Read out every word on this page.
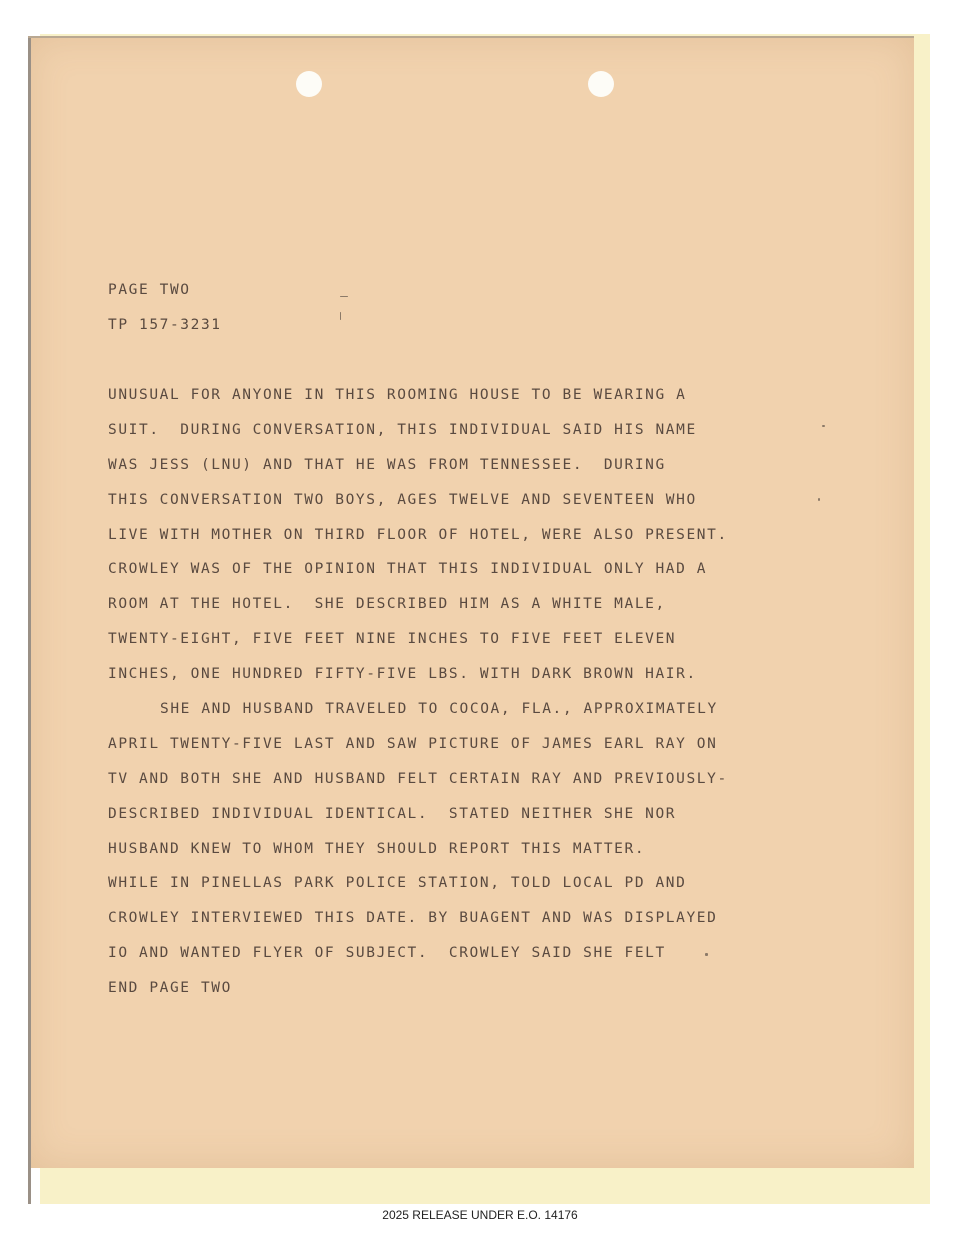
PAGE TWO

TP 157-3231

UNUSUAL FOR ANYONE IN THIS ROOMING HOUSE TO BE WEARING A
SUIT.  DURING CONVERSATION, THIS INDIVIDUAL SAID HIS NAME
WAS JESS (LNU) AND THAT HE WAS FROM TENNESSEE.  DURING
THIS CONVERSATION TWO BOYS, AGES TWELVE AND SEVENTEEN WHO
LIVE WITH MOTHER ON THIRD FLOOR OF HOTEL, WERE ALSO PRESENT.
CROWLEY WAS OF THE OPINION THAT THIS INDIVIDUAL ONLY HAD A
ROOM AT THE HOTEL.  SHE DESCRIBED HIM AS A WHITE MALE,
TWENTY-EIGHT, FIVE FEET NINE INCHES TO FIVE FEET ELEVEN
INCHES, ONE HUNDRED FIFTY-FIVE LBS. WITH DARK BROWN HAIR.
SHE AND HUSBAND TRAVELED TO COCOA, FLA., APPROXIMATELY
APRIL TWENTY-FIVE LAST AND SAW PICTURE OF JAMES EARL RAY ON
TV AND BOTH SHE AND HUSBAND FELT CERTAIN RAY AND PREVIOUSLY-
DESCRIBED INDIVIDUAL IDENTICAL.  STATED NEITHER SHE NOR
HUSBAND KNEW TO WHOM THEY SHOULD REPORT THIS MATTER.
WHILE IN PINELLAS PARK POLICE STATION, TOLD LOCAL PD AND
CROWLEY INTERVIEWED THIS DATE. BY BUAGENT AND WAS DISPLAYED
IO AND WANTED FLYER OF SUBJECT.  CROWLEY SAID SHE FELT
END PAGE TWO
2025 RELEASE UNDER E.O. 14176
